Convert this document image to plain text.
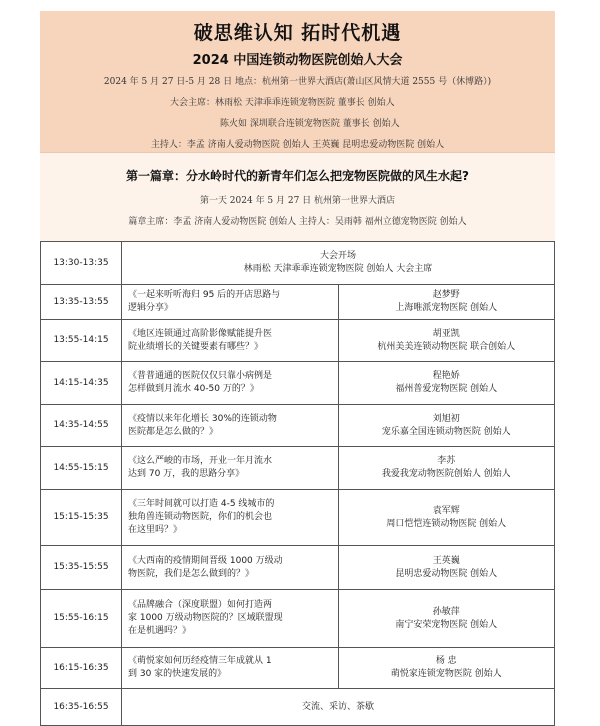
破思维认知 拓时代机遇
2024 中国连锁动物医院创始人大会
2024 年 5 月 27 日-5 月 28 日 地点：杭州第一世界大酒店(萧山区风情大道 2555 号（休博路）)
大会主席：林雨松 天津乖乖连锁宠物医院 董事长 创始人
陈火如 深圳联合连锁宠物医院 董事长 创始人
主持人：李孟 济南人爱动物医院 创始人 王英巍 昆明忠爱动物医院 创始人
第一篇章：分水岭时代的新青年们怎么把宠物医院做的风生水起?
第一天 2024 年 5 月 27 日 杭州第一世界大酒店
篇章主席：李孟 济南人爱动物医院 创始人 主持人：吴雨韩 福州立德宠物医院 创始人
13:30-13:35	大会开场
林雨松 天津乖乖连锁宠物医院 创始人 大会主席	

13:35-13:55	《一起来听听海归 95 后的开店思路与
逻辑分享》	赵梦野
上海唯派宠物医院 创始人

13:55-14:15	《地区连锁通过高阶影像赋能提升医
院业绩增长的关键要素有哪些？》	胡亚凯
杭州美美连锁动物医院 联合创始人

14:15-14:35	《普普通通的医院仅仅只靠小病例是
怎样做到月流水 40-50 万的？》	程艳娇
福州普爱宠物医院 创始人

14:35-14:55	《疫情以来年化增长 30%的连锁动物
医院都是怎么做的？》	刘旭初
宠乐嘉全国连锁动物医院 创始人

14:55-15:15	《这么严峻的市场，开业一年月流水
达到 70 万，我的思路分享》	李苏
我爱我宠动物医院创始人 创始人

15:15-15:35	《三年时间就可以打造 4-5 线城市的
独角兽连锁动物医院，你们的机会也
在这里吗？》	袁军辉
周口恺恺连锁动物医院 创始人

15:35-15:55	《大西南的疫情期间晋级 1000 万级动
物医院，我们是怎么做到的？》	王英巍
昆明忠爱动物医院 创始人

15:55-16:15	《品牌融合（深度联盟）如何打造两
家 1000 万级动物医院的？区域联盟现
在是机遇吗？》	孙敏萍
南宁安荣宠物医院 创始人

16:15-16:35	《萌悦家如何历经疫情三年成就从 1
到 30 家的快速发展的》	杨 忠
萌悦家连锁宠物医院 创始人

16:35-16:55	交流、采访、茶歇	
